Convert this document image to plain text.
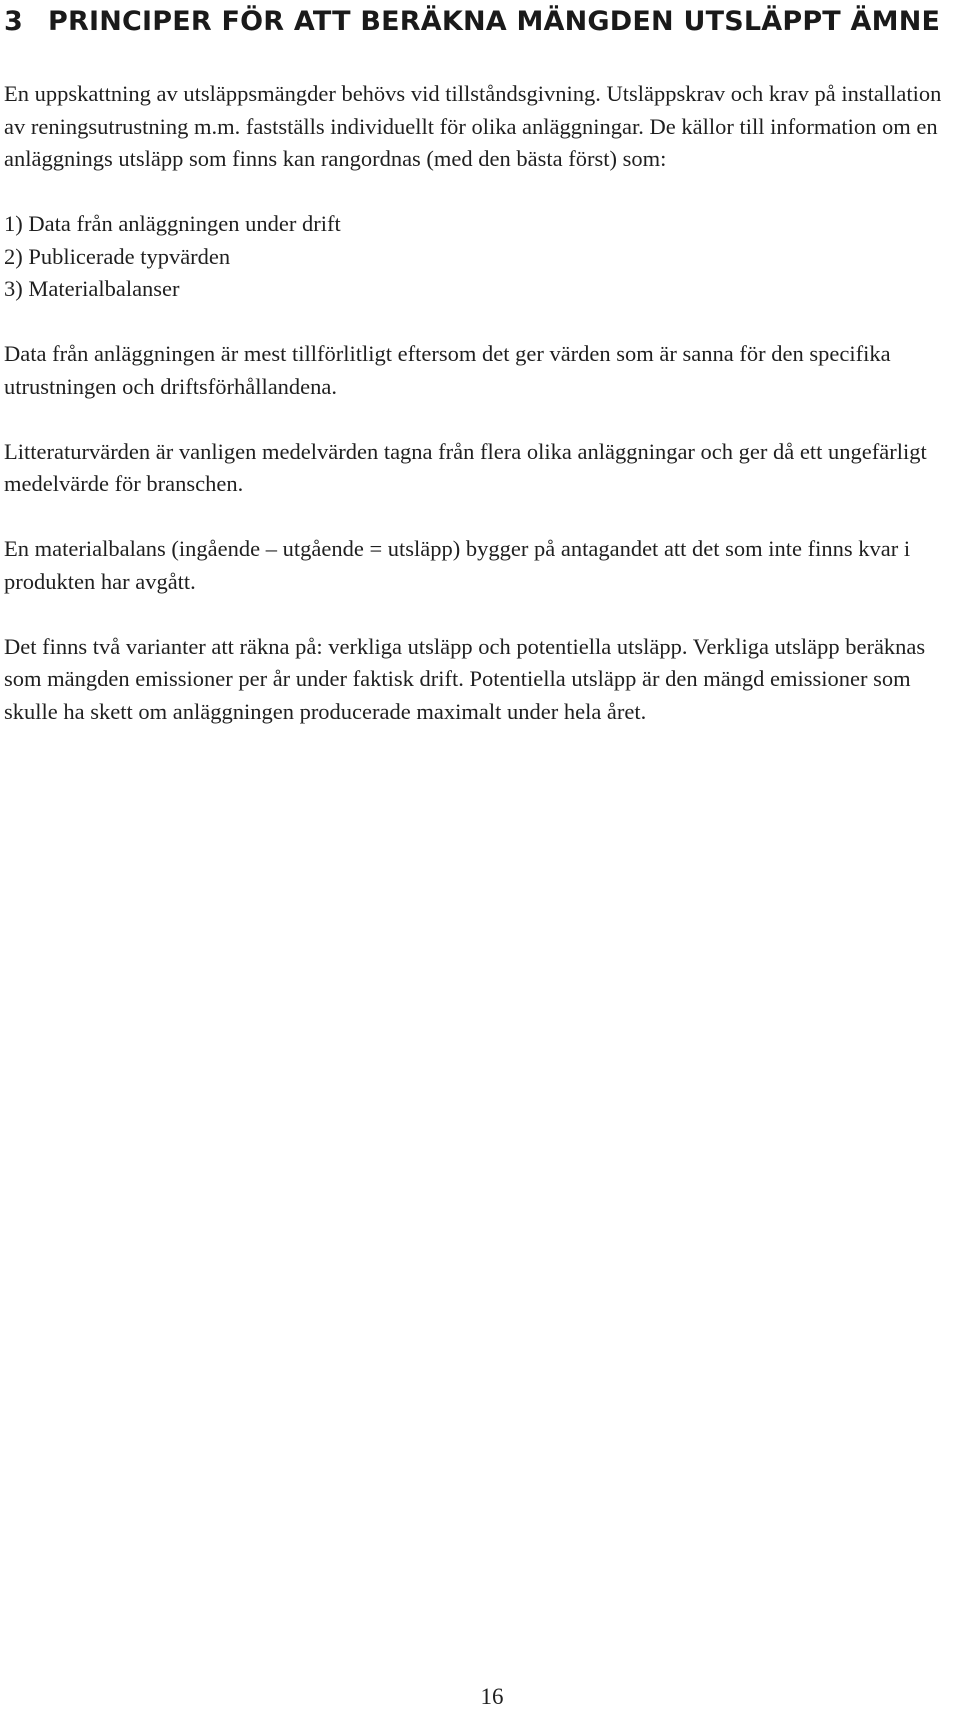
3 PRINCIPER FÖR ATT BERÄKNA MÄNGDEN UTSLÄPPT ÄMNE

En uppskattning av utsläppsmängder behövs vid tillståndsgivning. Utsläppskrav och krav på installation av reningsutrustning m.m. fastställs individuellt för olika anläggningar. De källor till information om en anläggnings utsläpp som finns kan rangordnas (med den bästa först) som:

1) Data från anläggningen under drift
2) Publicerade typvärden
3) Materialbalanser

Data från anläggningen är mest tillförlitligt eftersom det ger värden som är sanna för den specifika utrustningen och driftsförhållandena.

Litteraturvärden är vanligen medelvärden tagna från flera olika anläggningar och ger då ett ungefärligt medelvärde för branschen.

En materialbalans (ingående – utgående = utsläpp) bygger på antagandet att det som inte finns kvar i produkten har avgått.

Det finns två varianter att räkna på: verkliga utsläpp och potentiella utsläpp. Verkliga utsläpp beräknas som mängden emissioner per år under faktisk drift. Potentiella utsläpp är den mängd emissioner som skulle ha skett om anläggningen producerade maximalt under hela året.

16
